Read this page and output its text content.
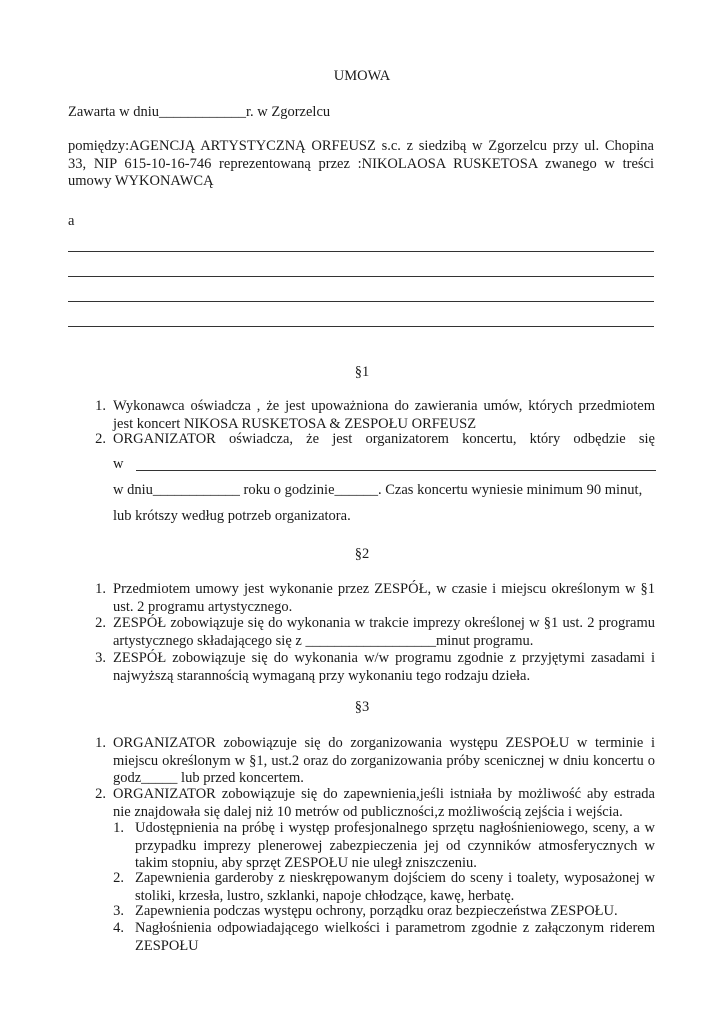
UMOWA
Zawarta w dniu____________r. w Zgorzelcu
pomiędzy:AGENCJĄ ARTYSTYCZNĄ ORFEUSZ s.c. z siedzibą w Zgorzelcu przy ul. Chopina 33, NIP 615-10-16-746 reprezentowaną przez :NIKOLAOSA RUSKETOSA zwanego w treści umowy WYKONAWCĄ
a
§1
1. Wykonawca oświadcza , że jest upoważniona do zawierania umów, których przedmiotem jest koncert NIKOSA RUSKETOSA & ZESPOŁU ORFEUSZ
2. ORGANIZATOR oświadcza, że jest organizatorem koncertu, który odbędzie się
w
w dniu____________ roku o godzinie______. Czas koncertu wyniesie minimum 90 minut,
lub krótszy według potrzeb organizatora.
§2
1. Przedmiotem umowy jest wykonanie przez ZESPÓŁ, w czasie i miejscu określonym w §1 ust. 2 programu artystycznego.
2. ZESPÓŁ zobowiązuje się do wykonania w trakcie imprezy określonej w §1 ust. 2 programu artystycznego składającego się z __________________minut programu.
3. ZESPÓŁ zobowiązuje się do wykonania w/w programu zgodnie z przyjętymi zasadami i najwyższą starannością wymaganą przy wykonaniu tego rodzaju dzieła.
§3
1. ORGANIZATOR zobowiązuje się do zorganizowania występu ZESPOŁU w terminie i miejscu określonym w §1, ust.2 oraz do zorganizowania próby scenicznej w dniu koncertu o godz_____ lub przed koncertem.
2. ORGANIZATOR zobowiązuje się do zapewnienia,jeśli istniała by możliwość aby estrada nie znajdowała się dalej niż 10 metrów od publiczności,z możliwością zejścia i wejścia.
1. Udostępnienia na próbę i występ profesjonalnego sprzętu nagłośnieniowego, sceny, a w przypadku imprezy plenerowej zabezpieczenia jej od czynników atmosferycznych w takim stopniu, aby sprzęt ZESPOŁU nie uległ zniszczeniu.
2. Zapewnienia garderoby z nieskrępowanym dojściem do sceny i toalety, wyposażonej w stoliki, krzesła, lustro, szklanki, napoje chłodzące, kawę, herbatę.
3. Zapewnienia podczas występu ochrony, porządku oraz bezpieczeństwa ZESPOŁU.
4. Nagłośnienia odpowiadającego wielkości i parametrom zgodnie z załączonym riderem ZESPOŁU
